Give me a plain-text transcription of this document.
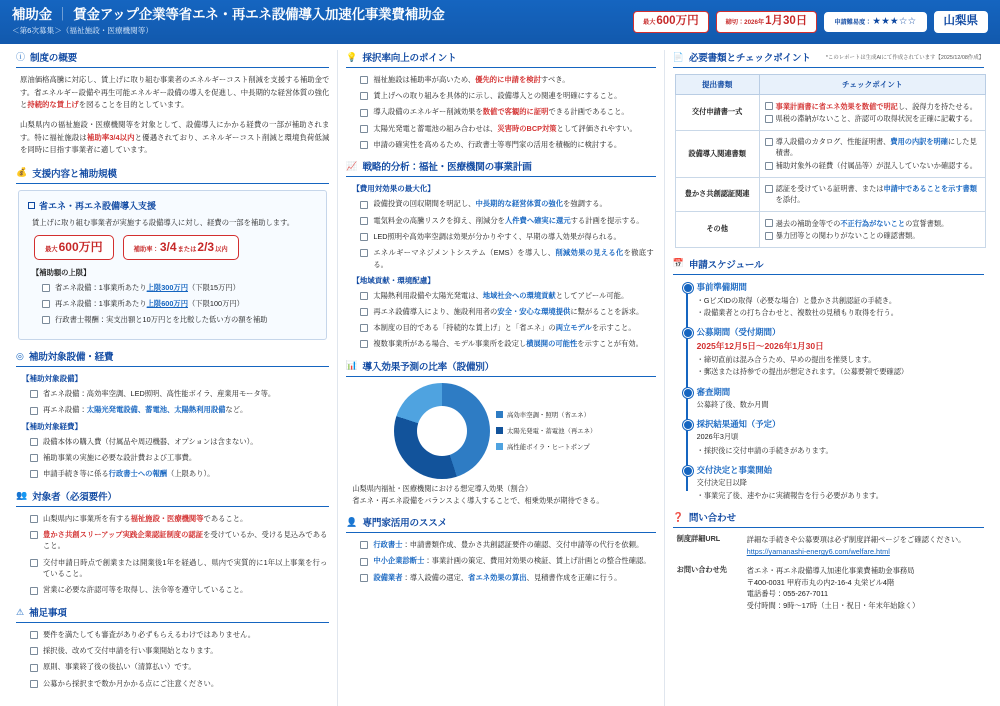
補助金 ｜ 賃金アップ企業等省エネ・再エネ設備導入加速化事業費補助金
＜第6次募集＞（福祉施設・医療機関等）
最大 600万円	締切：2026年 1月30日	申請難易度： ★★★☆☆ 山梨県
ⓘ 制度の概要

原油価格高騰に対応し、賃上げに取り組む事業者のエネルギーコスト削減を支援する補助金です。省エネルギー設備や再生可能エネルギー設備の導入を促進し、中長期的な経営体質の強化と持続的な賃上げを図ることを目的としています。

山梨県内の福祉施設・医療機関等を対象として、設備導入にかかる経費の一部が補助されます。特に福祉施設は補助率3/4以内と優遇されており、エネルギーコスト削減と環境負荷低減を同時に目指す事業者に適しています。

💰 支援内容と補助規模
省エネ・再エネ設備導入支援
賃上げに取り組む事業者が実施する設備導入に対し、経費の一部を補助します。
最大 600万円	補助率： 3/4 または 2/3 以内
【補助額の上限】
省エネ設備：1事業所あたり上限300万円（下限15万円）
再エネ設備：1事業所あたり上限600万円（下限100万円）
行政書士報酬：実支出額と10万円とを比較した低い方の額を補助
◎ 補助対象設備・経費
【補助対象設備】
省エネ設備：高効率空調、LED照明、高性能ボイラ、産業用モータ等。
再エネ設備：太陽光発電設備、蓄電池、太陽熱利用設備など。
【補助対象経費】
設備本体の購入費（付属品や周辺機器、オプションは含まない）。
補助事業の実施に必要な設計費および工事費。
申請手続き等に係る行政書士への報酬（上限あり）。
👥 対象者（必須要件）
山梨県内に事業所を有する福祉施設・医療機関等であること。
豊かさ共創スリーアップ実践企業認証制度の認証を受けているか、受ける見込みであること。
交付申請日時点で創業または開業後1年を経過し、県内で実質的に1年以上事業を行っていること。
営業に必要な許認可等を取得し、法令等を遵守していること。
⚠ 補足事項
要件を満たしても審査があり必ずもらえるわけではありません。
採択後、改めて交付申請を行い事業開始となります。
原則、事業終了後の後払い（清算払い）です。
公募から採択まで数か月かかる点にご注意ください。
💡 採択率向上のポイント
福祉施設は補助率が高いため、優先的に申請を検討すべき。
賃上げへの取り組みを具体的に示し、設備導入との関連を明確にすること。
導入設備のエネルギー削減効果を数値で客観的に証明できる計画であること。
太陽光発電と蓄電池の組み合わせは、災害時のBCP対策として評価されやすい。
申請の確実性を高めるため、行政書士等専門家の活用を積極的に検討する。
📈 戦略的分析：福祉・医療機関の事業計画
【費用対効果の最大化】
設備投資の回収期間を明記し、中長期的な経営体質の強化を強調する。
電気料金の高騰リスクを抑え、削減分を人件費へ確実に還元する計画を提示する。
LED照明や高効率空調は効果が分かりやすく、早期の導入効果が得られる。
エネルギーマネジメントシステム（EMS）を導入し、削減効果の見える化を徹底する。
【地域貢献・環境配慮】
太陽熱利用設備や太陽光発電は、地域社会への環境貢献としてアピール可能。
再エネ設備導入により、施設利用者の安全・安心な環境提供に繋がることを訴求。
本制度の目的である「持続的な賃上げ」と「省エネ」の両立モデルを示すこと。
複数事業所がある場合、モデル事業所を設定し横展開の可能性を示すことが有効。
📊 導入効果予測の比率（設備別）
高効率空調・照明（省エネ）
太陽光発電・蓄電池（再エネ）
高性能ボイラ・ヒートポンプ
山梨県内福祉・医療機関における想定導入効果（割合）
省エネ・再エネ設備をバランスよく導入することで、相乗効果が期待できる。
👤 専門家活用のススメ
行政書士：申請書類作成、豊かさ共創認証要件の確認、交付申請等の代行を依頼。
中小企業診断士：事業計画の策定、費用対効果の検証、賃上げ計画との整合性確認。
設備業者：導入設備の選定、省エネ効果の算出、見積書作成を正確に行う。
📄 必要書類とチェックポイント	*このレポートは生成AIにて作成されています【2025/12/08作成】
提出書類	チェックポイント
交付申請書一式	
事業計画書に省エネ効果を数値で明記し、説得力を持たせる。
県税の滞納がないこと、許認可の取得状況を正確に記載する。

設備導入関連書類	
導入設備のカタログ、性能証明書、費用の内訳を明確にした見積書。
補助対象外の経費（付属品等）が混入していないか確認する。

豊かさ共創認証関連	
認証を受けている証明書、または申請中であることを示す書類を添付。

その他	
過去の補助金等での不正行為がないことの宣誓書類。
暴力団等との関わりがないことの確認書類。
📅 申請スケジュール
事前準備期間
・GビズIDの取得（必要な場合）と豊かさ共創認証の手続き。
・設備業者との打ち合わせと、複数社の見積もり取得を行う。
公募期間（受付期間）
2025年12月5日～2026年1月30日
・締切直前は混み合うため、早めの提出を推奨します。
・郵送または持参での提出が想定されます。（公募要領で要確認）
審査期間
公募終了後、数か月間
採択結果通知（予定）
2026年3月頃
・採択後に交付申請の手続きがあります。
交付決定と事業開始
交付決定日以降
・事業完了後、速やかに実績報告を行う必要があります。
❓ 問い合わせ
制度詳細URL	詳細な手続きや公募要項は必ず制度詳細ページをご確認ください。
https://yamanashi-energy6.com/welfare.html
お問い合わせ先	省エネ・再エネ設備導入加速化事業費補助金事務局
〒400-0031 甲府市丸の内2-16-4 丸栄ビル4階
電話番号：055-267-7011
受付時間：9時～17時（土日・祝日・年末年始除く）
